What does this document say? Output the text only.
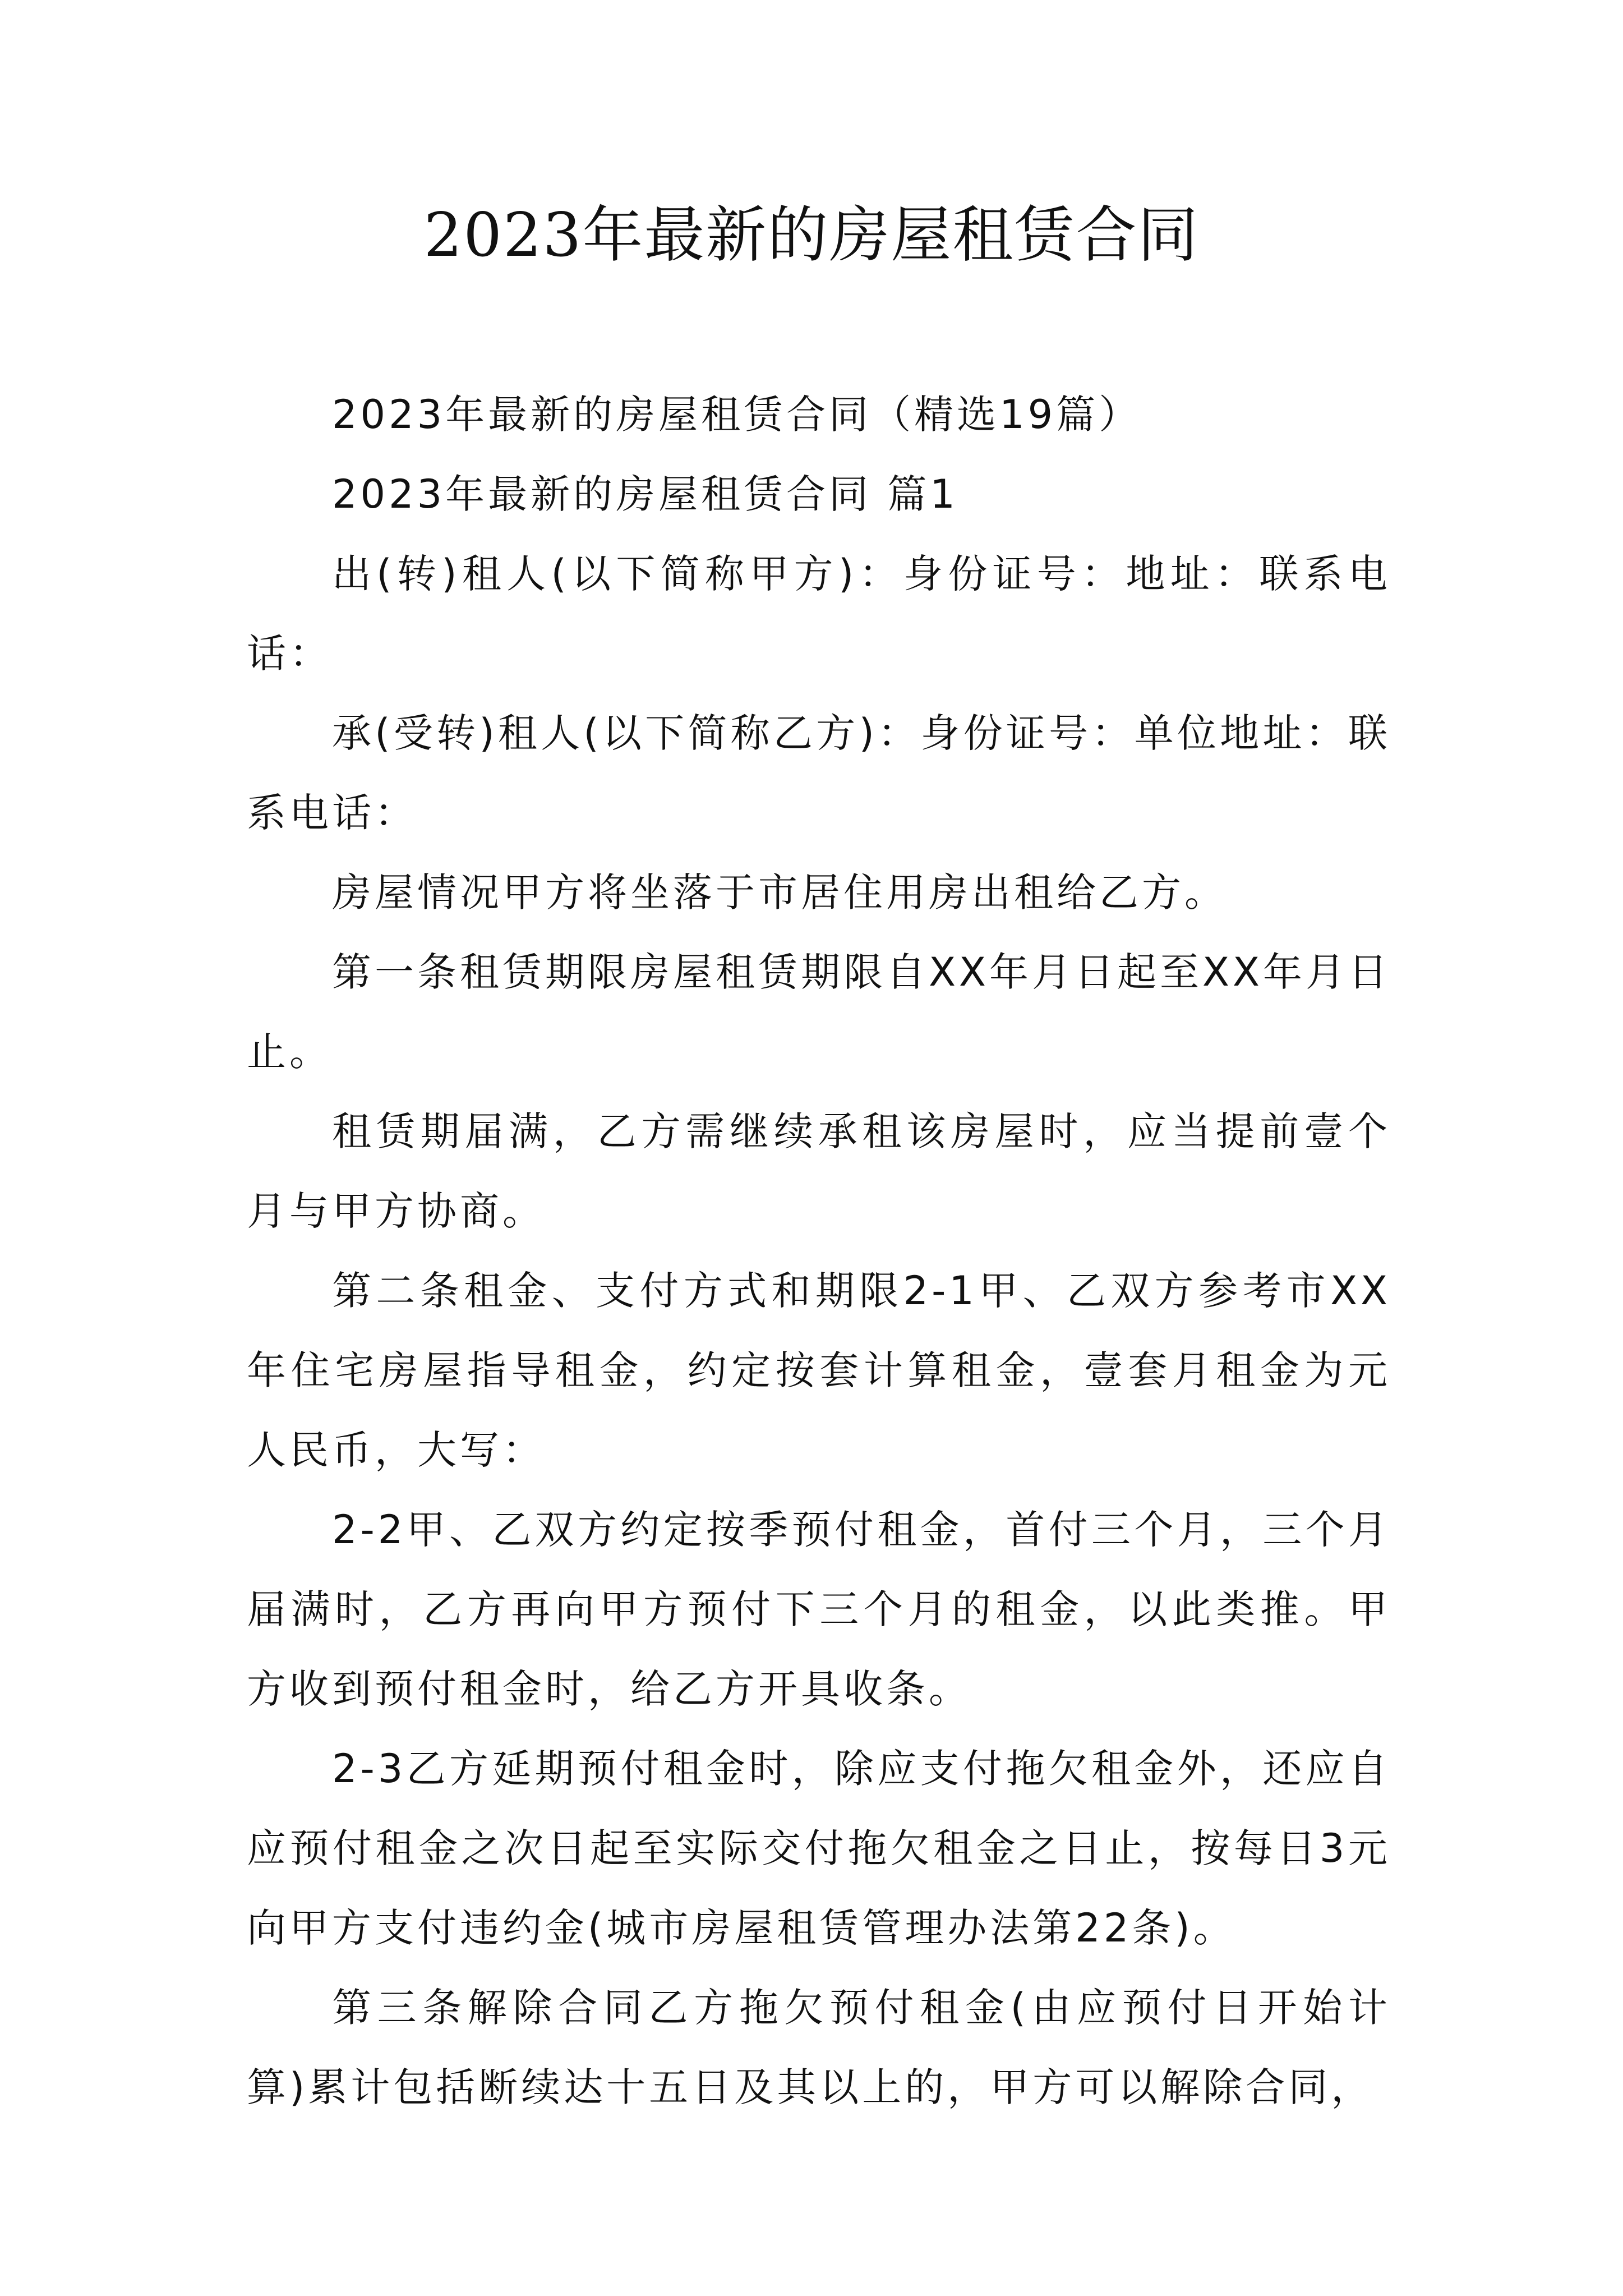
2023年最新的房屋租赁合同

2023年最新的房屋租赁合同（精选19篇）

2023年最新的房屋租赁合同 篇1

出(转)租人(以下简称甲方)：身份证号：地址：联系电话：

承(受转)租人(以下简称乙方)：身份证号：单位地址：联系电话：

房屋情况甲方将坐落于市居住用房出租给乙方。

第一条租赁期限房屋租赁期限自XX年月日起至XX年月日止。

租赁期届满，乙方需继续承租该房屋时，应当提前壹个月与甲方协商。

第二条租金、支付方式和期限2-1甲、乙双方参考市XX年住宅房屋指导租金，约定按套计算租金，壹套月租金为元人民币，大写：

2-2甲、乙双方约定按季预付租金，首付三个月，三个月届满时，乙方再向甲方预付下三个月的租金，以此类推。甲方收到预付租金时，给乙方开具收条。

2-3乙方延期预付租金时，除应支付拖欠租金外，还应自应预付租金之次日起至实际交付拖欠租金之日止，按每日3元向甲方支付违约金(城市房屋租赁管理办法第22条)。

第三条解除合同乙方拖欠预付租金(由应预付日开始计算)累计包括断续达十五日及其以上的，甲方可以解除合同，
